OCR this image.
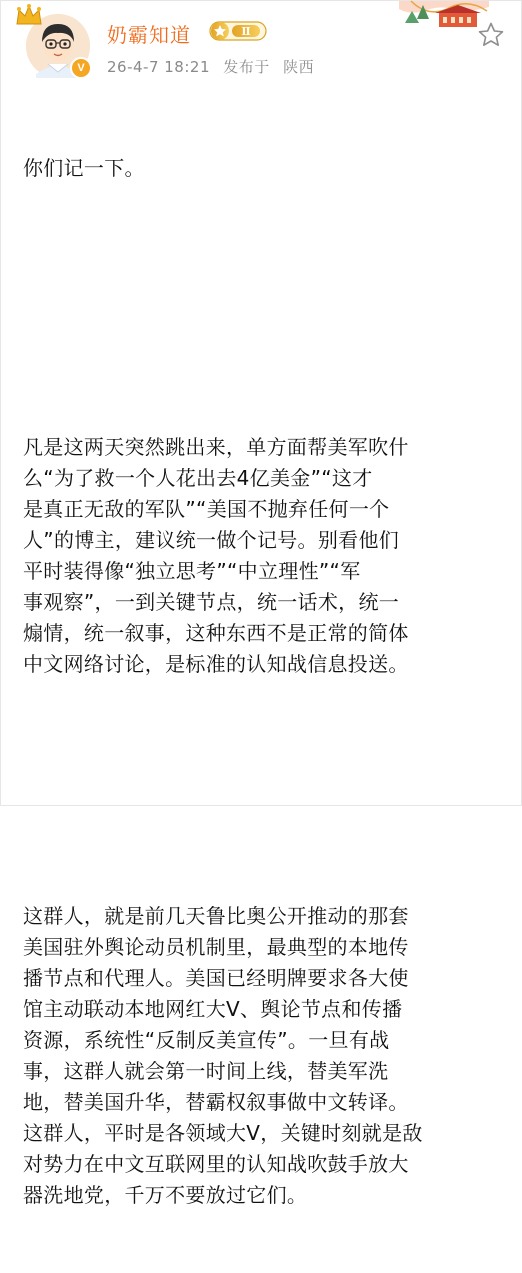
V
奶霸知道	Ⅱ
26-4-7 18:21 发布于 陕西

你们记一下。

凡是这两天突然跳出来，单方面帮美军吹什
么“为了救一个人花出去4亿美金”“这才
是真正无敌的军队”“美国不抛弃任何一个
人”的博主，建议统一做个记号。别看他们
平时装得像“独立思考”“中立理性”“军
事观察”，一到关键节点，统一话术，统一
煽情，统一叙事，这种东西不是正常的简体
中文网络讨论，是标准的认知战信息投送。

这群人，就是前几天鲁比奥公开推动的那套
美国驻外舆论动员机制里，最典型的本地传
播节点和代理人。美国已经明牌要求各大使
馆主动联动本地网红大V、舆论节点和传播
资源，系统性“反制反美宣传”。一旦有战
事，这群人就会第一时间上线，替美军洗
地，替美国升华，替霸权叙事做中文转译。
这群人，平时是各领域大V，关键时刻就是敌
对势力在中文互联网里的认知战吹鼓手放大
器洗地党，千万不要放过它们。
